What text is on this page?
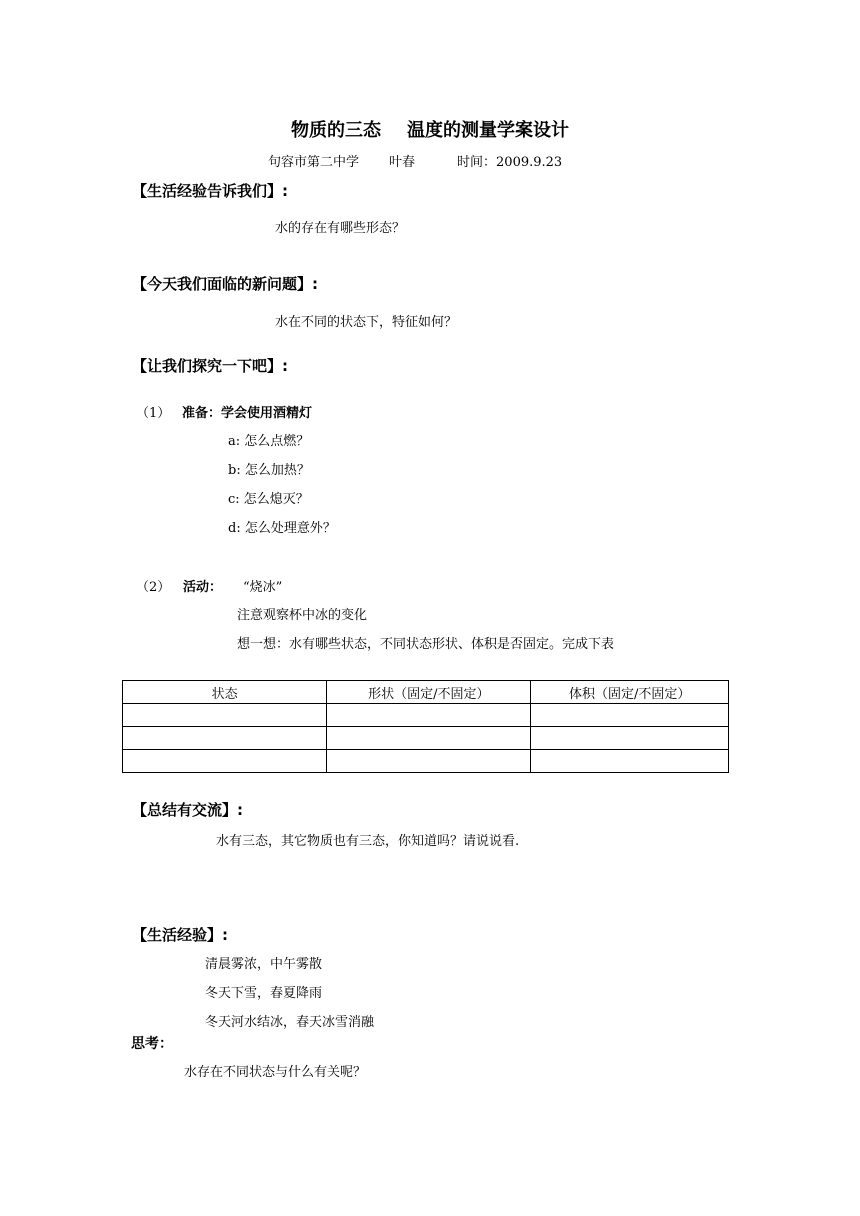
物质的三态 温度的测量学案设计
句容市第二中学 叶春	时间：2009.9.23
【生活经验告诉我们】:
水的存在有哪些形态？
【今天我们面临的新问题】:
水在不同的状态下，特征如何？
【让我们探究一下吧】:
（1） 准备：学会使用酒精灯
a: 怎么点燃？
b: 怎么加热？
c: 怎么熄灭？
d: 怎么处理意外？
（2） 活动： “烧冰”
注意观察杯中冰的变化
想一想：水有哪些状态，不同状态形状、体积是否固定。完成下表
状态	形状（固定/不固定）	体积（固定/不固定）

【总结有交流】:
水有三态，其它物质也有三态，你知道吗？请说说看.
【生活经验】:
清晨雾浓，中午雾散
冬天下雪，春夏降雨
冬天河水结冰，春天冰雪消融
思考：
水存在不同状态与什么有关呢？
